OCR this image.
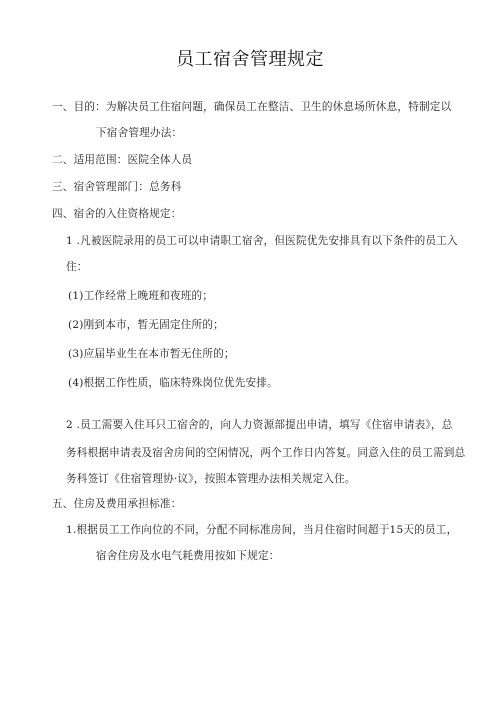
员工宿舍管理规定
一、目的：为解决员工住宿问题，确保员工在整洁、卫生的休息场所休息，特制定以
下宿舍管理办法：
二、适用范围：医院全体人员
三、宿舍管理部门：总务科
四、宿舍的入住资格规定：
1 .凡被医院录用的员工可以申请职工宿舍，但医院优先安排具有以下条件的员工入
住：
(1)工作经常上晚班和夜班的；
(2)刚到本市，暂无固定住所的；
(3)应届毕业生在本市暂无住所的；
(4)根据工作性质，临床特殊岗位优先安排。
2 .员工需要入住耳只工宿舍的，向人力资源部提出申请，填写《住宿申请表》，总
务科根据申请表及宿舍房间的空闲情况，两个工作日内答复。同意入住的员工需到总
务科签订《住宿管理协·议》，按照本管理办法相关规定入住。
五、住房及费用承担标准：
1.根据员工工作向位的不同，分配不同标准房间，当月住宿时间超于15天的员工，
宿舍住房及水电气耗费用按如下规定：
